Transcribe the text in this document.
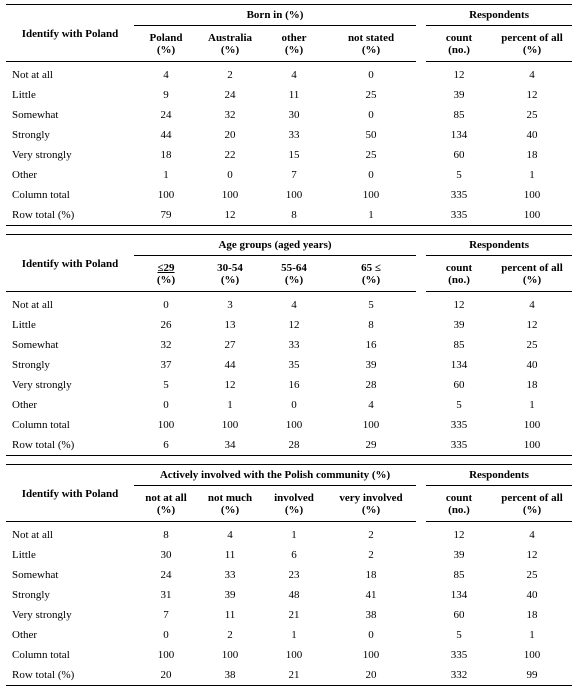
Identify with Poland	Born in (%)					Respondents	
	Poland	Australia	other	not stated		count	percent of all
	(%)	(%)	(%)	(%)		(no.)	(%)
Not at all	4	2	4	0		12	4
Little	9	24	11	25		39	12
Somewhat	24	32	30	0		85	25
Strongly	44	20	33	50		134	40
Very strongly	18	22	15	25		60	18
Other	1	0	7	0		5	1
Column total	100	100	100	100		335	100
Row total (%)	79	12	8	1		335	100
Identify with Poland	Age groups (aged years)					Respondents	
	≤29	30-54	55-64	65 ≤		count	percent of all
	(%)	(%)	(%)	(%)		(no.)	(%)
Not at all	0	3	4	5		12	4
Little	26	13	12	8		39	12
Somewhat	32	27	33	16		85	25
Strongly	37	44	35	39		134	40
Very strongly	5	12	16	28		60	18
Other	0	1	0	4		5	1
Column total	100	100	100	100		335	100
Row total (%)	6	34	28	29		335	100
Identify with Poland	Actively involved with the Polish community (%)					Respondents	
	not at all	not much	involved	very involved		count	percent of all
	(%)	(%)	(%)	(%)		(no.)	(%)
Not at all	8	4	1	2		12	4
Little	30	11	6	2		39	12
Somewhat	24	33	23	18		85	25
Strongly	31	39	48	41		134	40
Very strongly	7	11	21	38		60	18
Other	0	2	1	0		5	1
Column total	100	100	100	100		335	100
Row total (%)	20	38	21	20		332	99
